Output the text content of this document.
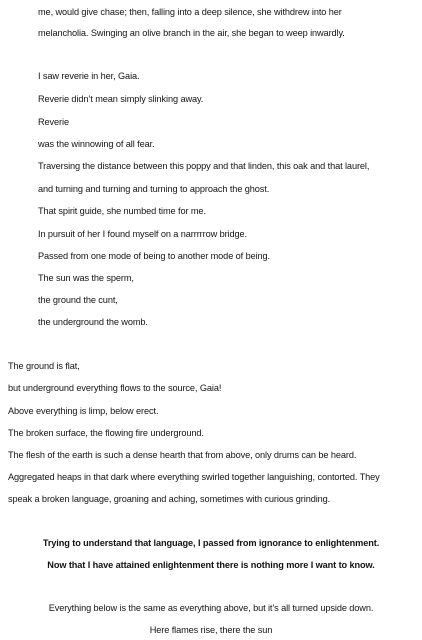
me, would give chase; then, falling into a deep silence, she withdrew into her
melancholia. Swinging an olive branch in the air, she began to weep inwardly.
I saw reverie in her, Gaia.
Reverie didn’t mean simply slinking away.
Reverie
was the winnowing of all fear.
Traversing the distance between this poppy and that linden, this oak and that laurel,
and turning and turning and turning to approach the ghost.
That spirit guide, she numbed time for me.
In pursuit of her I found myself on a narrrrrow bridge.
Passed from one mode of being to another mode of being.
The sun was the sperm,
the ground the cunt,
the underground the womb.
The ground is flat,
but underground everything flows to the source, Gaia!
Above everything is limp, below erect.
The broken surface, the flowing fire underground.
The flesh of the earth is such a dense hearth that from above, only drums can be heard.
Aggregated heaps in that dark where everything swirled together languishing, contorted. They
speak a broken language, groaning and aching, sometimes with curious grinding.
Trying to understand that language, I passed from ignorance to enlightenment.
Now that I have attained enlightenment there is nothing more I want to know.
Everything below is the same as everything above, but it’s all turned upside down.
Here flames rise, there the sun
